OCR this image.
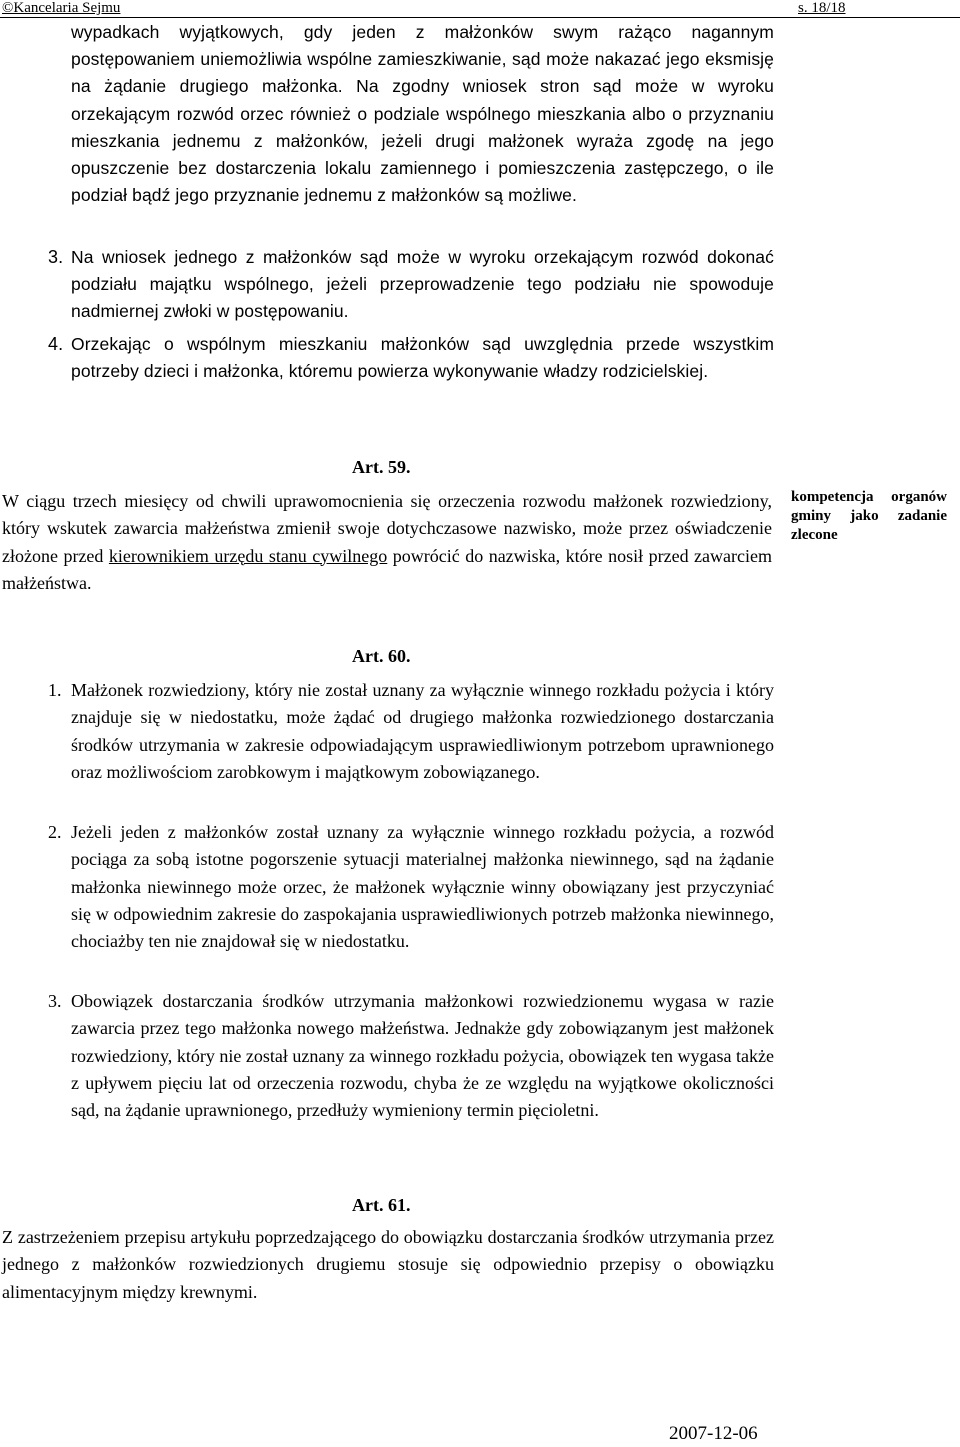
©Kancelaria Sejmu	s. 18/18

wypadkach wyjątkowych, gdy jeden z małżonków swym rażąco nagannym postępowaniem uniemożliwia wspólne zamieszkiwanie, sąd może nakazać jego eksmisję na żądanie drugiego małżonka. Na zgodny wniosek stron sąd może w wyroku orzekającym rozwód orzec również o podziale wspólnego mieszkania albo o przyznaniu mieszkania jednemu z małżonków, jeżeli drugi małżonek wyraża zgodę na jego opuszczenie bez dostarczenia lokalu zamiennego i pomieszczenia zastępczego, o ile podział bądź jego przyznanie jednemu z małżonków są możliwe.

3. Na wniosek jednego z małżonków sąd może w wyroku orzekającym rozwód dokonać podziału majątku wspólnego, jeżeli przeprowadzenie tego podziału nie spowoduje nadmiernej zwłoki w postępowaniu.

4. Orzekając o wspólnym mieszkaniu małżonków sąd uwzględnia przede wszystkim potrzeby dzieci i małżonka, któremu powierza wykonywanie władzy rodzicielskiej.

Art. 59.

W ciągu trzech miesięcy od chwili uprawomocnienia się orzeczenia rozwodu małżonek rozwiedziony, który wskutek zawarcia małżeństwa zmienił swoje dotychczasowe nazwisko, może przez oświadczenie złożone przed kierownikiem urzędu stanu cywilnego powrócić do nazwiska, które nosił przed zawarciem małżeństwa.

kompetencja organów gminy jako zadanie zlecone
Art. 60.
1. Małżonek rozwiedziony, który nie został uznany za wyłącznie winnego rozkładu pożycia i który znajduje się w niedostatku, może żądać od drugiego małżonka rozwiedzionego dostarczania środków utrzymania w zakresie odpowiadającym usprawiedliwionym potrzebom uprawnionego oraz możliwościom zarobkowym i majątkowym zobowiązanego.

2. Jeżeli jeden z małżonków został uznany za wyłącznie winnego rozkładu pożycia, a rozwód pociąga za sobą istotne pogorszenie sytuacji materialnej małżonka niewinnego, sąd na żądanie małżonka niewinnego może orzec, że małżonek wyłącznie winny obowiązany jest przyczyniać się w odpowiednim zakresie do zaspokajania usprawiedliwionych potrzeb małżonka niewinnego, chociażby ten nie znajdował się w niedostatku.

3. Obowiązek dostarczania środków utrzymania małżonkowi rozwiedzionemu wygasa w razie zawarcia przez tego małżonka nowego małżeństwa. Jednakże gdy zobowiązanym jest małżonek rozwiedziony, który nie został uznany za winnego rozkładu pożycia, obowiązek ten wygasa także z upływem pięciu lat od orzeczenia rozwodu, chyba że ze względu na wyjątkowe okoliczności sąd, na żądanie uprawnionego, przedłuży wymieniony termin pięcioletni.

Art. 61.

Z zastrzeżeniem przepisu artykułu poprzedzającego do obowiązku dostarczania środków utrzymania przez jednego z małżonków rozwiedzionych drugiemu stosuje się odpowiednio przepisy o obowiązku alimentacyjnym między krewnymi.

2007-12-06
